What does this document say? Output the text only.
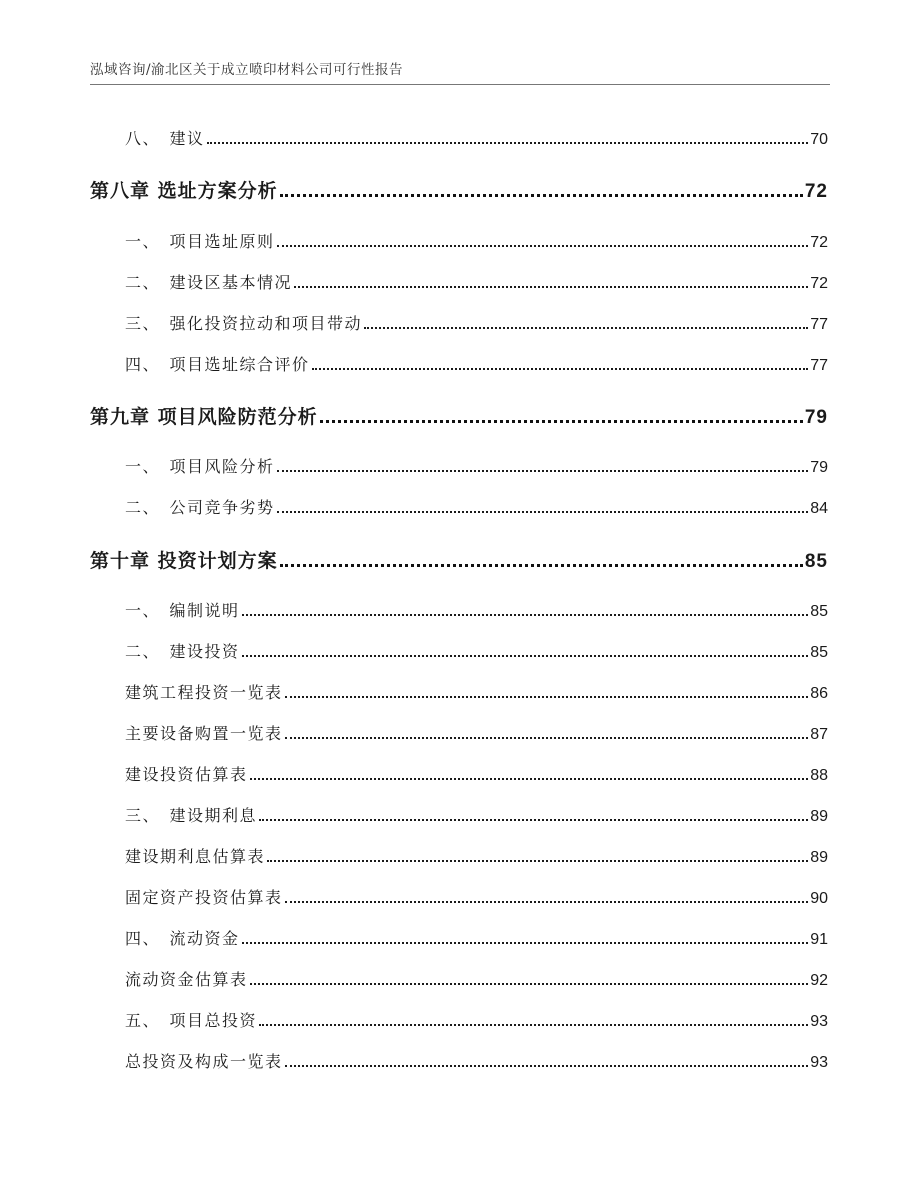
泓域咨询/渝北区关于成立喷印材料公司可行性报告
八、　建议	70
第八章 选址方案分析	72
一、　项目选址原则	72
二、　建设区基本情况	72
三、　强化投资拉动和项目带动	77
四、　项目选址综合评价	77
第九章 项目风险防范分析	79
一、　项目风险分析	79
二、　公司竞争劣势	84
第十章 投资计划方案	85
一、　编制说明	85
二、　建设投资	85
建筑工程投资一览表	86
主要设备购置一览表	87
建设投资估算表	88
三、　建设期利息	89
建设期利息估算表	89
固定资产投资估算表	90
四、　流动资金	91
流动资金估算表	92
五、　项目总投资	93
总投资及构成一览表	93
